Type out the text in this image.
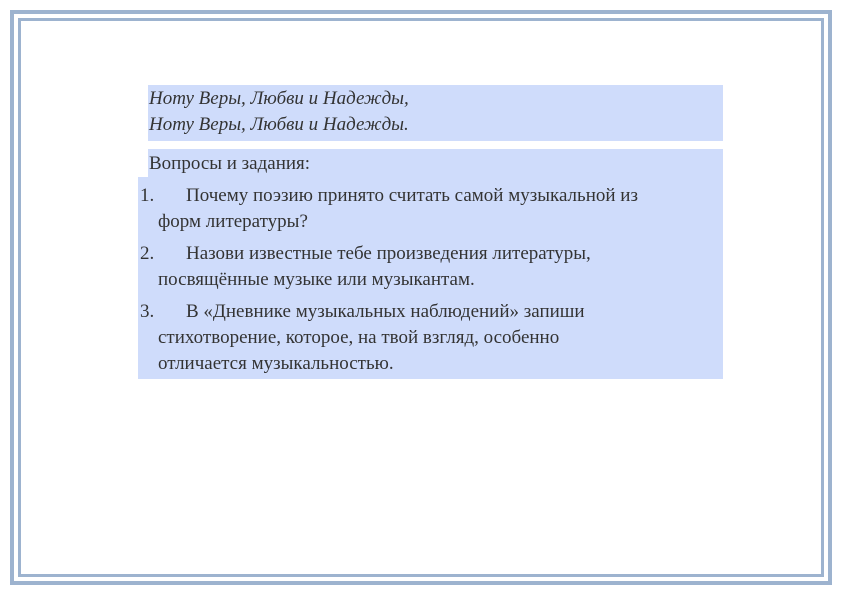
Ноту Веры, Любви и Надежды,

Ноту Веры, Любви и Надежды.

Вопросы и задания:

1. Почему поэзию принято считать самой музыкальной из
форм литературы?
2. Назови известные тебе произведения литературы,
посвящённые музыке или музыкантам.
3. В «Дневнике музыкальных наблюдений» запиши
стихотворение, которое, на твой взгляд, особенно
отличается музыкальностью.
